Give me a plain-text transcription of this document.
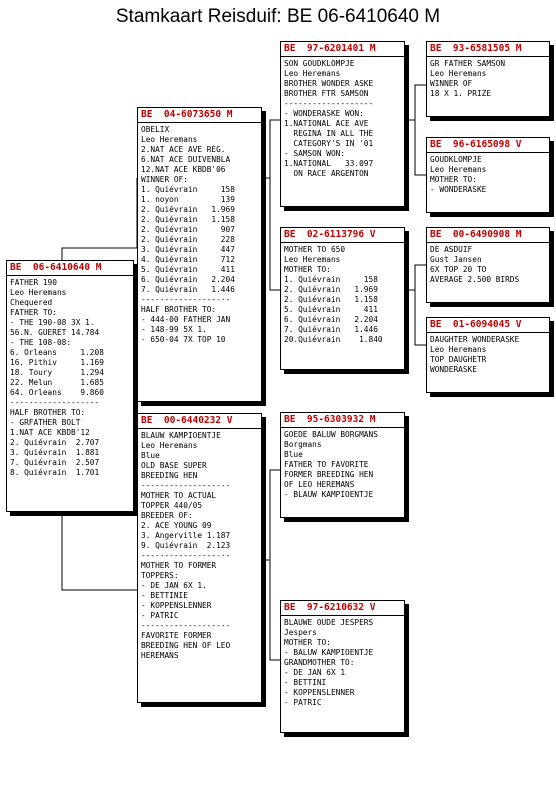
Stamkaart Reisduif: BE 06-6410640 M
BE  06-6410640 M
FATHER 190
Leo Heremans
Chequered
FATHER TO:
- THE 190-08 3X 1.
56.N. GUERET 14.784
- THE 108-08:
6. Orleans     1.208
16. Pithiv     1.169
18. Toury      1.294
22. Melun      1.685
64. Orleans    9.860
-------------------
HALF BROTHER TO:
- GRFATHER BOLT
1.NAT ACE KBDB'12
2. Quiévrain  2.707
3. Quiévrain  1.881
7. Quiévrain  2.507
8. Quiévrain  1.701
BE  04-6073650 M
OBELIX
Leo Heremans
2.NAT ACE AVE REG.
6.NAT ACE DUIVENBLA
12.NAT ACE KBDB'06
WINNER OF:
1. Quiévrain     158
1. noyon         139
2. Quiévrain   1.969
2. Quiévrain   1.158
2. Quiévrain     907
2. Quiévrain     228
3. Quiévrain     447
4. Quiévrain     712
5. Quiévrain     411
6. Quiévrain   2.204
7. Quiévrain   1.446
-------------------
HALF BROTHER TO:
- 444-00 FATHER JAN
- 148-99 5X 1.
- 650-04 7X TOP 10
BE  00-6440232 V
BLAUW KAMPIOENTJE
Leo Heremans
Blue
OLD BASE SUPER
BREEDING HEN
-------------------
MOTHER TO ACTUAL
TOPPER 440/05
BREEDER OF:
2. ACE YOUNG 09
3. Angerville 1.187
9. Quiévrain  2.123
-------------------
MOTHER TO FORMER
TOPPERS:
- DE JAN 6X 1.
- BETTINIE
- KOPPENSLENNER
- PATRIC
-------------------
FAVORITE FORMER
BREEDING HEN OF LEO
HEREMANS
BE  97-6201401 M
SON GOUDKLOMPJE
Leo Heremans
BROTHER WONDER ASKE
BROTHER FTR SAMSON
-------------------
- WONDERASKE WON:
1.NATIONAL ACE AVE
REGINA IN ALL THE
CATEGORY'S IN '01
- SAMSON WON:
1.NATIONAL   33.097
ON RACE ARGENTON
BE  02-6113796 V
MOTHER TO 650
Leo Heremans
MOTHER TO:
1. Quiévrain     158
2. Quiévrain   1.969
2. Quiévrain   1.158
5. Quiévrain     411
6. Quiévrain   2.204
7. Quiévrain   1.446
20.Quiévrain    1.840
BE  95-6303932 M
GOEDE BALUW BORGMANS
Borgmans
Blue
FATHER TO FAVORITE
FORMER BREEDING HEN
OF LEO HEREMANS
- BLAUW KAMPIOENTJE
BE  97-6210632 V
BLAUWE OUDE JESPERS
Jespers
MOTHER TO:
- BALUW KAMPIOENTJE
GRANDMOTHER TO:
- DE JAN 6X 1
- BETTINI
- KOPPENSLENNER
- PATRIC
BE  93-6581505 M
GR FATHER SAMSON
Leo Heremans
WINNER OF
18 X 1. PRIZE
BE  96-6165098 V
GOUDKLOMPJE
Leo Heremans
MOTHER TO:
- WONDERASKE
BE  00-6490908 M
DE ASDUIF
Gust Jansen
6X TOP 20 TO
AVERAGE 2.500 BIRDS
BE  01-6094045 V
DAUGHTER WONDERASKE
Leo Heremans
TOP DAUGHETR
WONDERASKE
